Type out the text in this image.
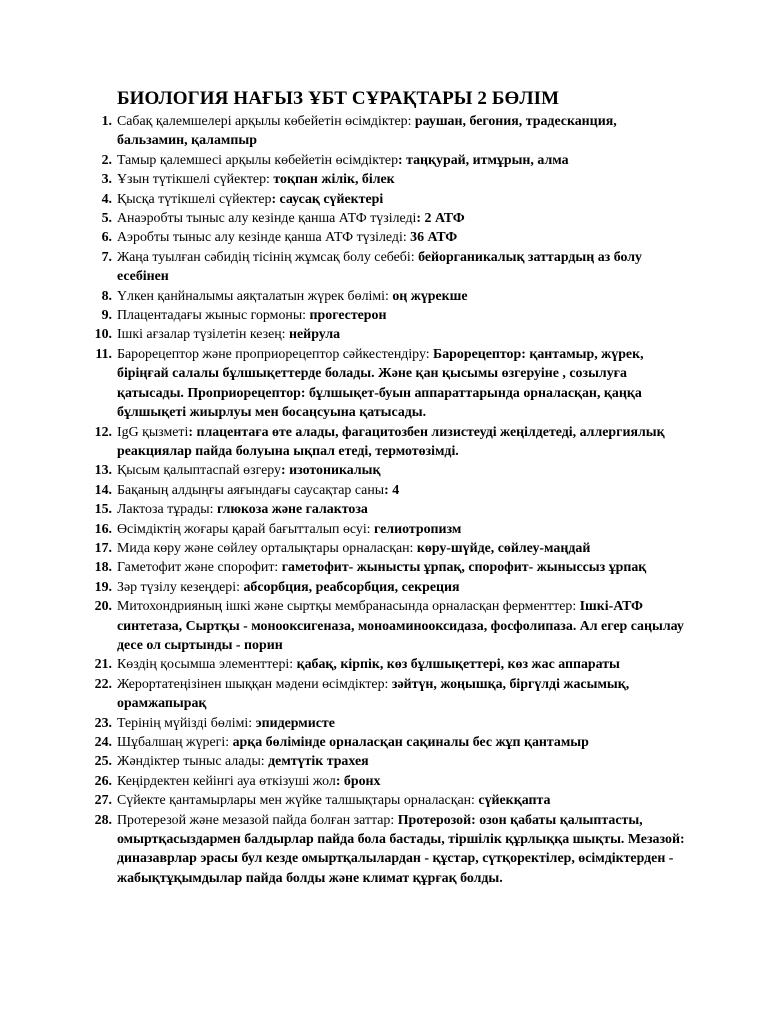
БИОЛОГИЯ НАҒЫЗ ҰБТ СҰРАҚТАРЫ 2 БӨЛІМ
1. Сабақ қалемшелері арқылы көбейетін өсімдіктер: раушан, бегония, традесканция, бальзамин, қалампыр
2. Тамыр қалемшесі арқылы көбейетін өсімдіктер: таңқурай, итмұрын, алма
3. Ұзын түтікшелі сүйектер: тоқпан жілік, білек
4. Қысқа түтікшелі сүйектер: саусақ сүйектері
5. Анаэробты тыныс алу кезінде қанша АТФ түзіледі: 2 АТФ
6. Аэробты тыныс алу кезінде қанша АТФ түзіледі: 36 АТФ
7. Жаңа туылған сәбидің тісінің жұмсақ болу себебі: бейорганикалық заттардың аз болу есебінен
8. Үлкен қанйналымы аяқталатын жүрек бөлімі: оң жүрекше
9. Плацентадағы жыныс гормоны: прогестерон
10. Ішкі ағзалар түзілетін кезең: нейрула
11. Барорецептор және проприорецептор сәйкестендіру: Барорецептор: қантамыр, жүрек, біріңғай салалы бұлшықеттерде болады. Және қан қысымы өзгеруіне , созылуға қатысады. Проприорецептор: бұлшықет-буын аппараттарында орналасқан, қаңқа бұлшықеті жиырлуы мен босаңсуына қатысады.
12. IgG қызметі: плацентаға өте алады, фагацитозбен лизистеуді жеңілдетеді, аллергиялық реакциялар пайда болуына ықпал етеді, термотөзімді.
13. Қысым қалыптаспай өзгеру: изотоникалық
14. Бақаның алдыңғы аяғындағы саусақтар саны: 4
15. Лактоза тұрады: глюкоза және галактоза
16. Өсімдіктің жоғары қарай бағытталып өсуі: гелиотропизм
17. Мида көру және сөйлеу орталықтары орналасқан: көру-шүйде, сөйлеу-маңдай
18. Гаметофит және спорофит: гаметофит- жынысты ұрпақ, спорофит- жыныссыз ұрпақ
19. Зәр түзілу кезеңдері: абсорбция, реабсорбция, секреция
20. Митохондрияның ішкі және сыртқы мембранасында орналасқан ферменттер: Ішкі-АТФ синтетаза, Сыртқы - монооксигеназа, моноаминооксидаза, фосфолипаза. Ал егер саңылау десе ол сыртынды - порин
21. Көздің қосымша элементтері: қабақ, кірпік, көз бұлшықеттері, көз жас аппараты
22. Жерортатеңізінен шыққан мәдени өсімдіктер: зәйтүн, жоңышқа, біргүлді жасымық, орамжапырақ
23. Терінің мүйізді бөлімі: эпидермисте
24. Шұбалшаң жүрегі: арқа бөлімінде орналасқан сақиналы бес жұп қантамыр
25. Жәндіктер тыныс алады: демтүтік трахея
26. Кеңірдектен кейінгі ауа өткізуші жол: бронх
27. Сүйекте қантамырлары мен жүйке талшықтары орналасқан: сүйекқапта
28. Протерезой және мезазой пайда болған заттар: Протерозой: озон қабаты қалыптасты, омыртқасыздармен балдырлар пайда бола бастады, тіршілік құрлыққа шықты. Мезазой: диназаврлар эрасы бул кезде омыртқалылардан - құстар, сүтқоректілер, өсімдіктерден - жабықтұқымдылар пайда болды және климат құрғақ болды.
